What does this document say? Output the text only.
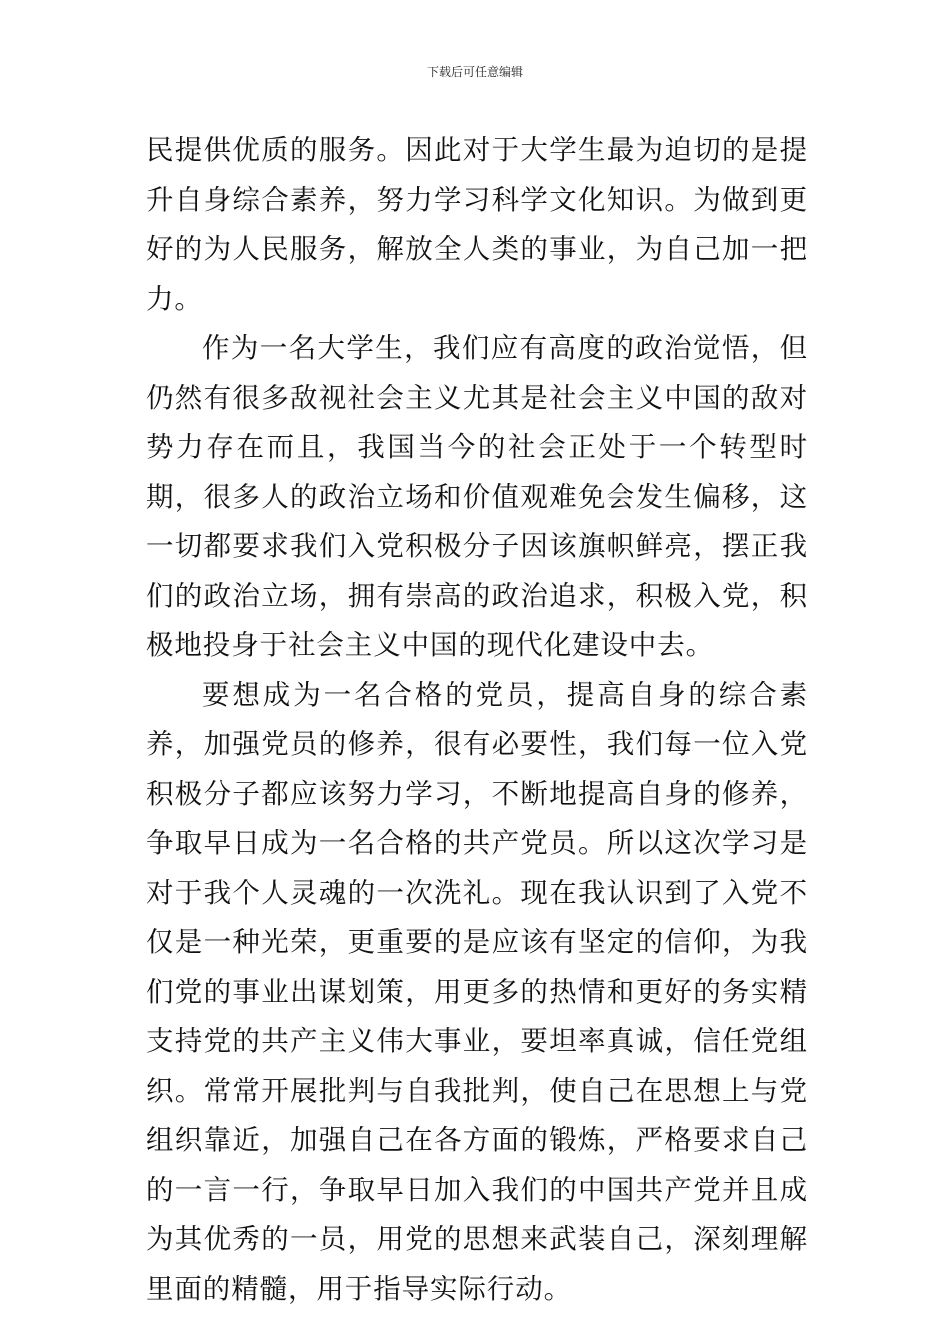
下载后可任意编辑

民提供优质的服务。因此对于大学生最为迫切的是提升自身综合素养，努力学习科学文化知识。为做到更好的为人民服务，解放全人类的事业，为自己加一把力。

作为一名大学生，我们应有高度的政治觉悟，但仍然有很多敌视社会主义尤其是社会主义中国的敌对势力存在而且，我国当今的社会正处于一个转型时期，很多人的政治立场和价值观难免会发生偏移，这一切都要求我们入党积极分子因该旗帜鲜亮，摆正我们的政治立场，拥有崇高的政治追求，积极入党，积极地投身于社会主义中国的现代化建设中去。

要想成为一名合格的党员，提高自身的综合素养，加强党员的修养，很有必要性，我们每一位入党积极分子都应该努力学习，不断地提高自身的修养，争取早日成为一名合格的共产党员。所以这次学习是对于我个人灵魂的一次洗礼。现在我认识到了入党不仅是一种光荣，更重要的是应该有坚定的信仰，为我们党的事业出谋划策，用更多的热情和更好的务实精支持党的共产主义伟大事业，要坦率真诚，信任党组织。常常开展批判与自我批判，使自己在思想上与党组织靠近，加强自己在各方面的锻炼，严格要求自己的一言一行，争取早日加入我们的中国共产党并且成为其优秀的一员，用党的思想来武装自己，深刻理解里面的精髓，用于指导实际行动。
